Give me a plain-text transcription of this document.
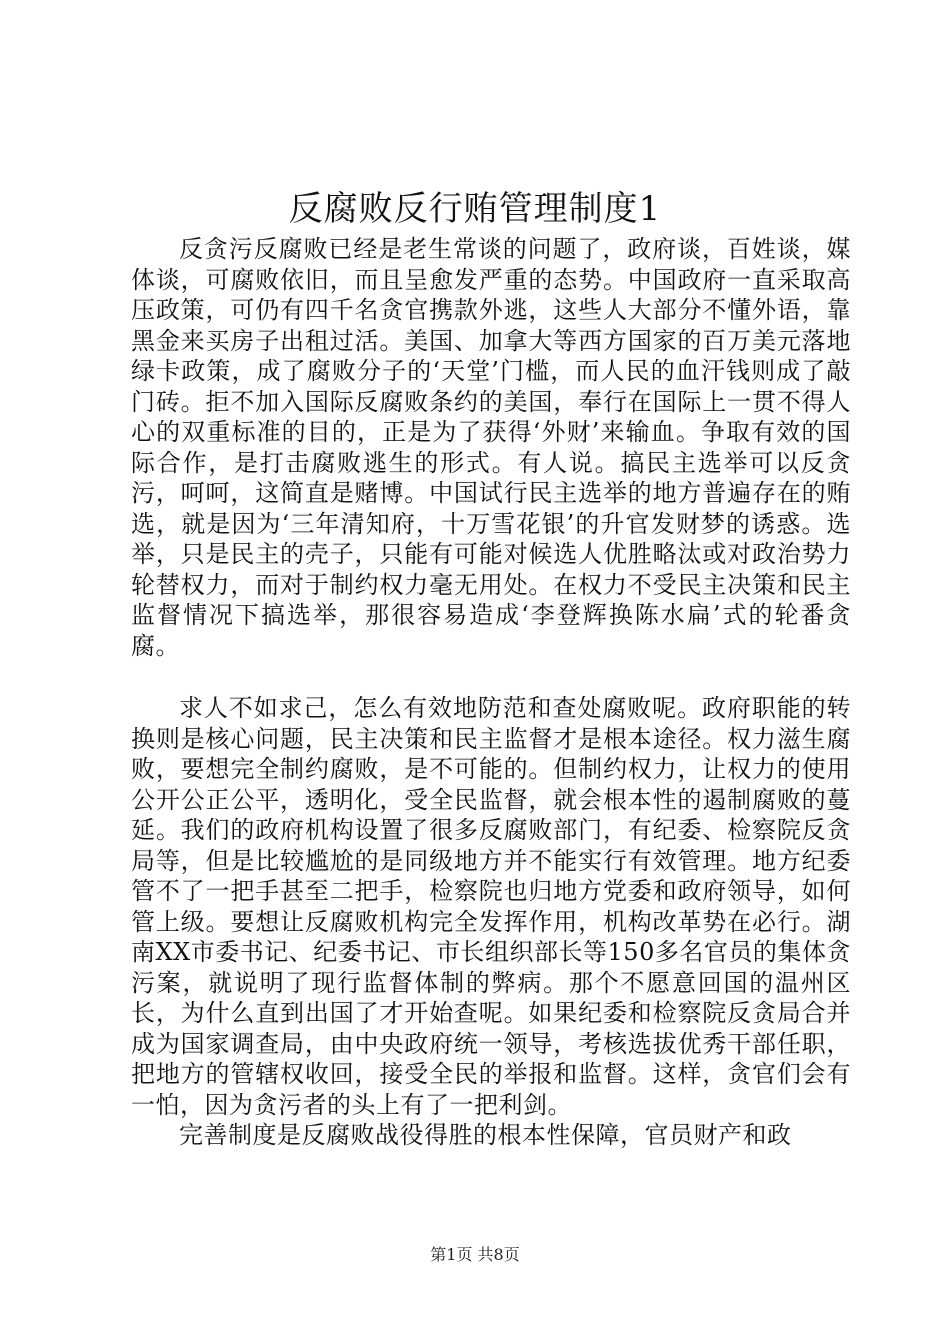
反腐败反行贿管理制度1

反贪污反腐败已经是老生常谈的问题了，政府谈，百姓谈，媒体谈，可腐败依旧，而且呈愈发严重的态势。中国政府一直采取高压政策，可仍有四千名贪官携款外逃，这些人大部分不懂外语，靠黑金来买房子出租过活。美国、加拿大等西方国家的百万美元落地绿卡政策，成了腐败分子的‘天堂’门槛，而人民的血汗钱则成了敲门砖。拒不加入国际反腐败条约的美国，奉行在国际上一贯不得人心的双重标准的目的，正是为了获得‘外财’来输血。争取有效的国际合作，是打击腐败逃生的形式。有人说。搞民主选举可以反贪污，呵呵，这简直是赌博。中国试行民主选举的地方普遍存在的贿选，就是因为‘三年清知府，十万雪花银’的升官发财梦的诱惑。选举，只是民主的壳子，只能有可能对候选人优胜略汰或对政治势力轮替权力，而对于制约权力毫无用处。在权力不受民主决策和民主监督情况下搞选举，那很容易造成‘李登辉换陈水扁’式的轮番贪腐。

求人不如求己，怎么有效地防范和查处腐败呢。政府职能的转换则是核心问题，民主决策和民主监督才是根本途径。权力滋生腐败，要想完全制约腐败，是不可能的。但制约权力，让权力的使用公开公正公平，透明化，受全民监督，就会根本性的遏制腐败的蔓延。我们的政府机构设置了很多反腐败部门，有纪委、检察院反贪局等，但是比较尴尬的是同级地方并不能实行有效管理。地方纪委管不了一把手甚至二把手，检察院也归地方党委和政府领导，如何管上级。要想让反腐败机构完全发挥作用，机构改革势在必行。湖南XX市委书记、纪委书记、市长组织部长等150多名官员的集体贪污案，就说明了现行监督体制的弊病。那个不愿意回国的温州区长，为什么直到出国了才开始查呢。如果纪委和检察院反贪局合并成为国家调查局，由中央政府统一领导，考核选拔优秀干部任职，把地方的管辖权收回，接受全民的举报和监督。这样，贪官们会有一怕，因为贪污者的头上有了一把利剑。

完善制度是反腐败战役得胜的根本性保障，官员财产和政

第1页 共8页
